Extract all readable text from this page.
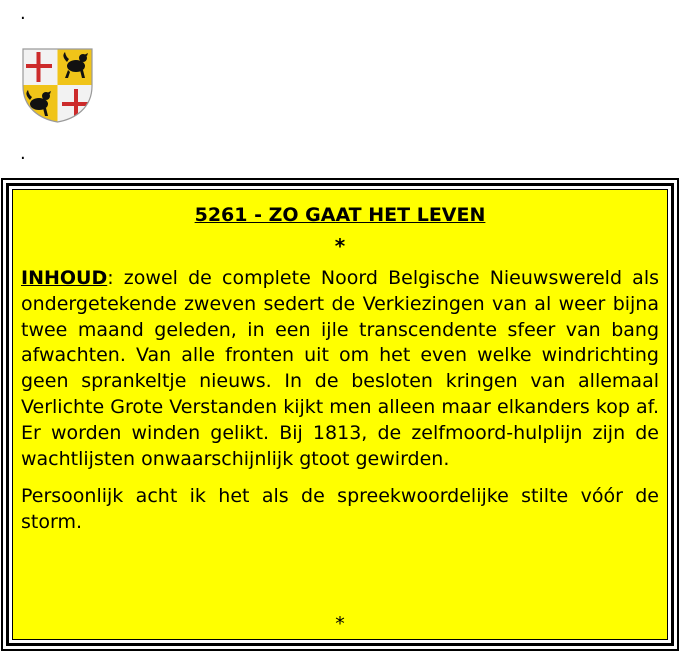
.
.

5261 - ZO GAAT HET LEVEN

*

INHOUD: zowel de complete Noord Belgische Nieuwswereld als ondergetekende zweven sedert de Verkiezingen van al weer bijna twee maand geleden, in een ijle transcendente sfeer van bang afwachten. Van alle fronten uit om het even welke windrichting geen sprankeltje nieuws. In de besloten kringen van allemaal Verlichte Grote Verstanden kijkt men alleen maar elkanders kop af. Er worden winden gelikt. Bij 1813, de zelfmoord-hulplijn zijn de wachtlijsten onwaarschijnlijk gtoot gewirden.

Persoonlijk acht ik het als de spreekwoordelijke stilte vóór de storm.

*
